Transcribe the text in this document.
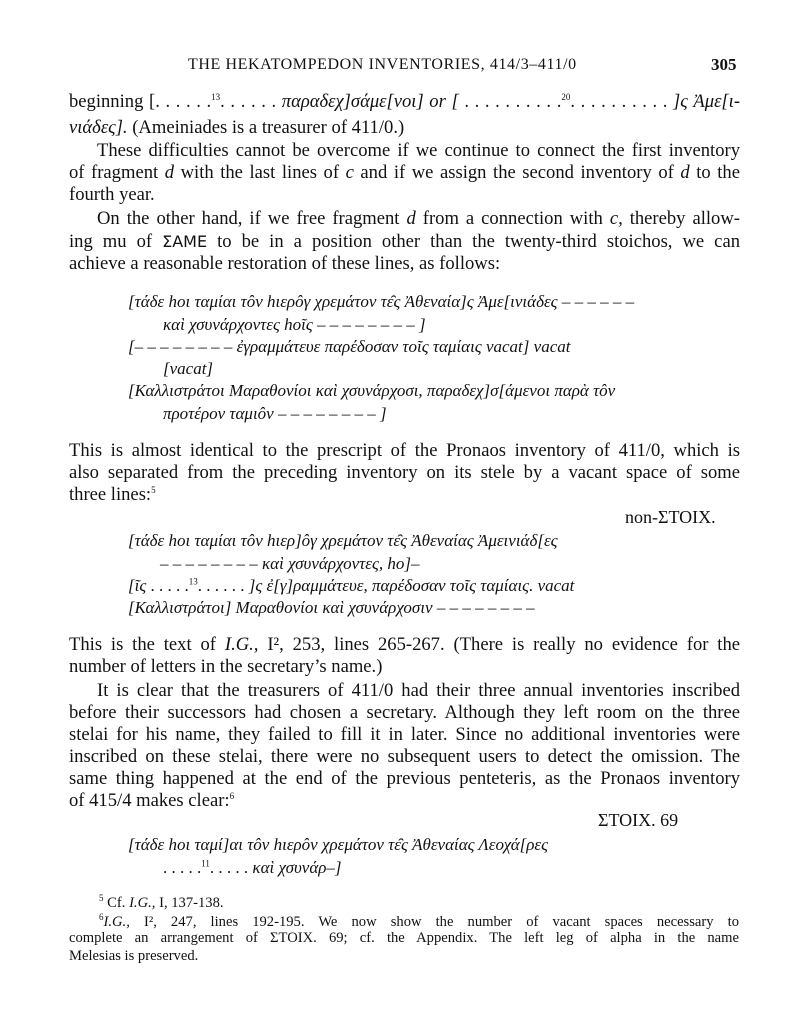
THE HEKATOMPEDON INVENTORIES, 414/3–411/0	305
beginning [. . . . . .$^{13}$. . . . . . παραδεχ]σάμε[νοι] or [ . . . . . . . . . .$^{20}$. . . . . . . . . . ]ς Ἀμε[ι-
νιάδες]. (Ameiniades is a treasurer of 411/0.)
These difficulties cannot be overcome if we continue to connect the first inventory
of fragment d with the last lines of c and if we assign the second inventory of d to the
fourth year.
On the other hand, if we free fragment d from a connection with c, thereby allow-
ing mu of ΣΑΜΕ to be in a position other than the twenty-third stoichos, we can
achieve a reasonable restoration of these lines, as follows:
[τάδε hοι ταμίαι τôν hιερôγ χρεμάτον τε̑ς Ἀθεναία]ς Ἀμε[ινιάδες – – – – – –
καὶ χσυνάρχοντες hοῖς – – – – – – – – ]
[– – – – – – – – ἐγραμμάτευε παρέδοσαν τοῖς ταμίαις vacat] vacat
[vacat]
[Καλλιστράτοι Μαραθονίοι καὶ χσυνάρχοσι, παραδεχ]σ[άμενοι παρὰ τôν
προτέρον ταμιôν – – – – – – – – ]
This is almost identical to the prescript of the Pronaos inventory of 411/0, which is
also separated from the preceding inventory on its stele by a vacant space of some
three lines:$^5$
non-ΣΤΟΙΧ.
[τάδε hοι ταμίαι τôν hιερ]ôγ χρεμάτον τε̑ς Ἀθεναίας Ἀμεινιάδ[ες
– – – – – – – – καὶ χσυνάρχοντες, hο]–
[ῖς . . . . .$^{13}$. . . . . . ]ς ἐ[γ]ραμμάτευε, παρέδοσαν τοῖς ταμίαις. vacat
[Καλλιστράτοι] Μαραθονίοι καὶ χσυνάρχοσιν – – – – – – – –
This is the text of I.G., I², 253, lines 265-267. (There is really no evidence for the
number of letters in the secretary’s name.)
It is clear that the treasurers of 411/0 had their three annual inventories inscribed
before their successors had chosen a secretary. Although they left room on the three
stelai for his name, they failed to fill it in later. Since no additional inventories were
inscribed on these stelai, there were no subsequent users to detect the omission. The
same thing happened at the end of the previous penteteris, as the Pronaos inventory
of 415/4 makes clear:$^6$
ΣΤΟΙΧ. 69
[τάδε hοι ταμί]αι τôν hιερôν χρεμάτον τε̑ς Ἀθεναίας Λεοχά[ρες
. . . . .$^{11}$. . . . . καὶ χσυνάρ–]
$^5$ Cf. I.G., I, 137-138.
$^6$I.G., I², 247, lines 192-195. We now show the number of vacant spaces necessary to
complete an arrangement of ΣΤΟΙΧ. 69; cf. the Appendix. The left leg of alpha in the name
Melesias is preserved.
